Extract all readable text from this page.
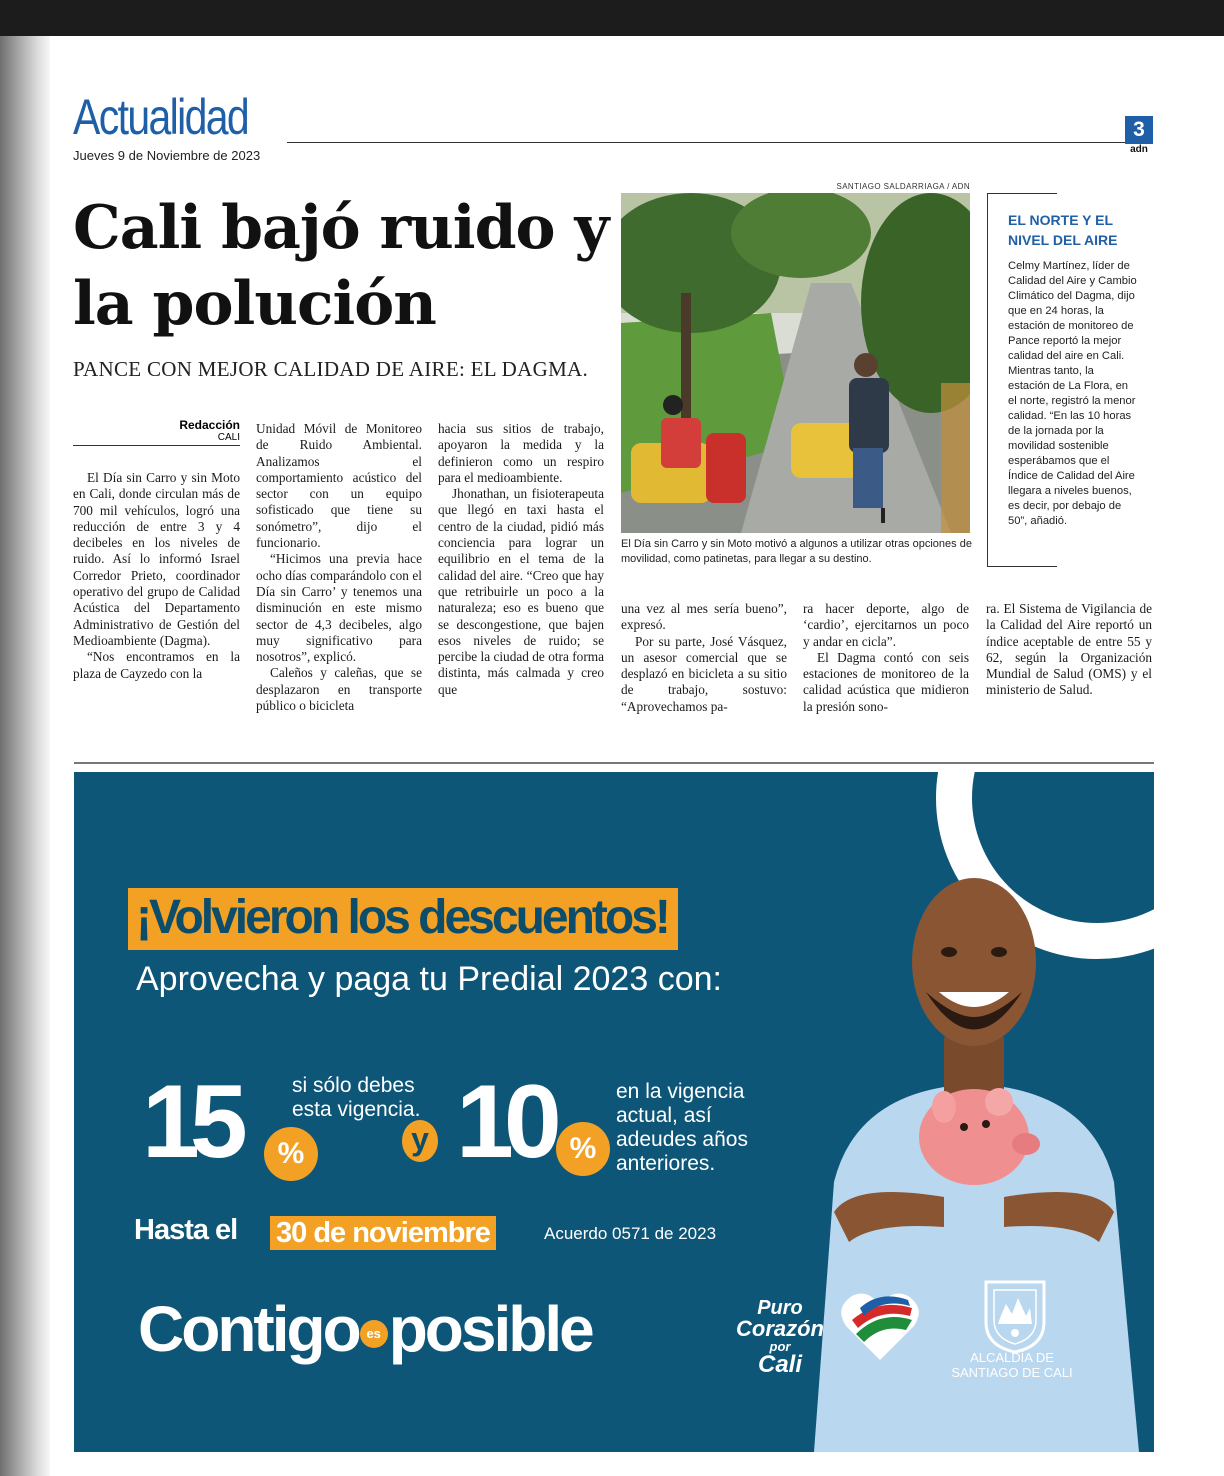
Actualidad
Jueves 9 de Noviembre de 2023
3
adn
Cali bajó ruido y la polución
PANCE CON MEJOR CALIDAD DE AIRE: EL DAGMA.
Redacción
CALI

El Día sin Carro y sin Moto en Cali, donde circulan más de 700 mil vehículos, logró una reducción de entre 3 y 4 decibeles en los niveles de ruido. Así lo informó Israel Corredor Prieto, coordinador operativo del grupo de Calidad Acústica del Departamento Administrativo de Gestión del Medioambiente (Dagma).

“Nos encontramos en la plaza de Cayzedo con la

Unidad Móvil de Monitoreo de Ruido Ambiental. Analizamos el comportamiento acústico del sector con un equipo sofisticado que tiene su sonómetro”, dijo el funcionario.

“Hicimos una previa hace ocho días comparándolo con el Día sin Carro’ y tenemos una disminución en este mismo sector de 4,3 decibeles, algo muy significativo para nosotros”, explicó.

Caleños y caleñas, que se desplazaron en transporte público o bicicleta

hacia sus sitios de trabajo, apoyaron la medida y la definieron como un respiro para el medioambiente.

Jhonathan, un fisioterapeuta que llegó en taxi hasta el centro de la ciudad, pidió más conciencia para lograr un equilibrio en el tema de la calidad del aire. “Creo que hay que retribuirle un poco a la naturaleza; eso es bueno que se descongestione, que bajen esos niveles de ruido; se percibe la ciudad de otra forma distinta, más calmada y creo que

una vez al mes sería bueno”, expresó.

Por su parte, José Vásquez, un asesor comercial que se desplazó en bicicleta a su sitio de trabajo, sostuvo: “Aprovechamos pa-

ra hacer deporte, algo de ‘cardio’, ejercitarnos un poco y andar en cicla”.

El Dagma contó con seis estaciones de monitoreo de la calidad acústica que midieron la presión sono-

ra. El Sistema de Vigilancia de la Calidad del Aire reportó un índice aceptable de entre 55 y 62, según la Organización Mundial de Salud (OMS) y el ministerio de Salud.

SANTIAGO SALDARRIAGA / ADN
El Día sin Carro y sin Moto motivó a algunos a utilizar otras opciones de movilidad, como patinetas, para llegar a su destino.
EL NORTE Y EL NIVEL DEL AIRE
Celmy Martínez, líder de Calidad del Aire y Cambio Climático del Dagma, dijo que en 24 horas, la estación de monitoreo de Pance reportó la mejor calidad del aire en Cali. Mientras tanto, la estación de La Flora, en el norte, registró la menor calidad. “En las 10 horas de la jornada por la movilidad sostenible esperábamos que el Índice de Calidad del Aire llegara a niveles buenos, es decir, por debajo de 50”, añadió.
¡Volvieron los descuentos!
Aprovecha y paga tu Predial 2023 con:
15	%
si sólo debes esta vigencia.
y 10 %
en la vigencia actual, así adeudes años anteriores.
Hasta el 30 de noviembre	Acuerdo 0571 de 2023
Contigo es posible	Puro
Corazón
por
Cali	ALCALDÍA DE
SANTIAGO DE CALI
